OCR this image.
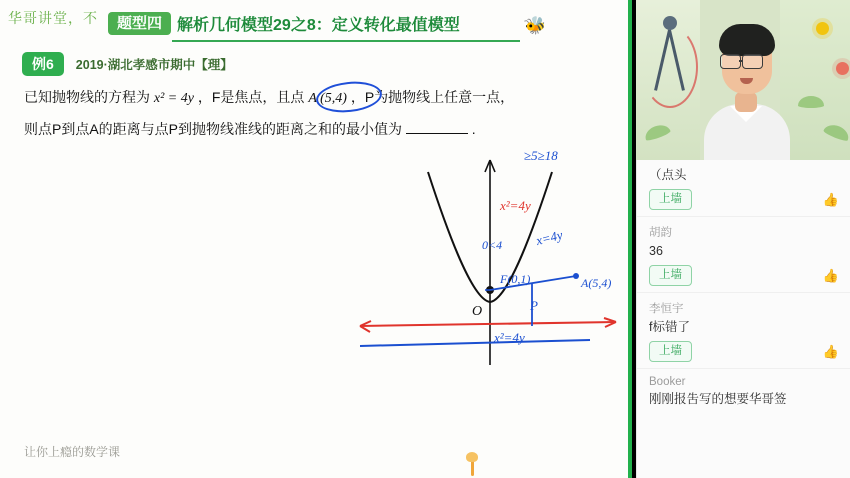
华哥讲堂，不	题型四 解析几何模型29之8：定义转化最值模型	🐝
例6	2019·湖北孝感市期中【理】
已知抛物线的方程为 x² = 4y ，F是焦点，且点 A (5,4) ，P为抛物线上任意一点，
则点P到点A的距离与点P到抛物线准线的距离之和的最小值为	.
≥5≥18
x²=4y
0<4 x=4y
F(0,1)	A(5,4)
P
x²=4y
O
让你上瘾的数学课
（点头
上墙	👍
胡韵
36
上墙	👍
李恒宇
f标错了
上墙	👍
Booker
刚刚报吿写的想要华哥签
